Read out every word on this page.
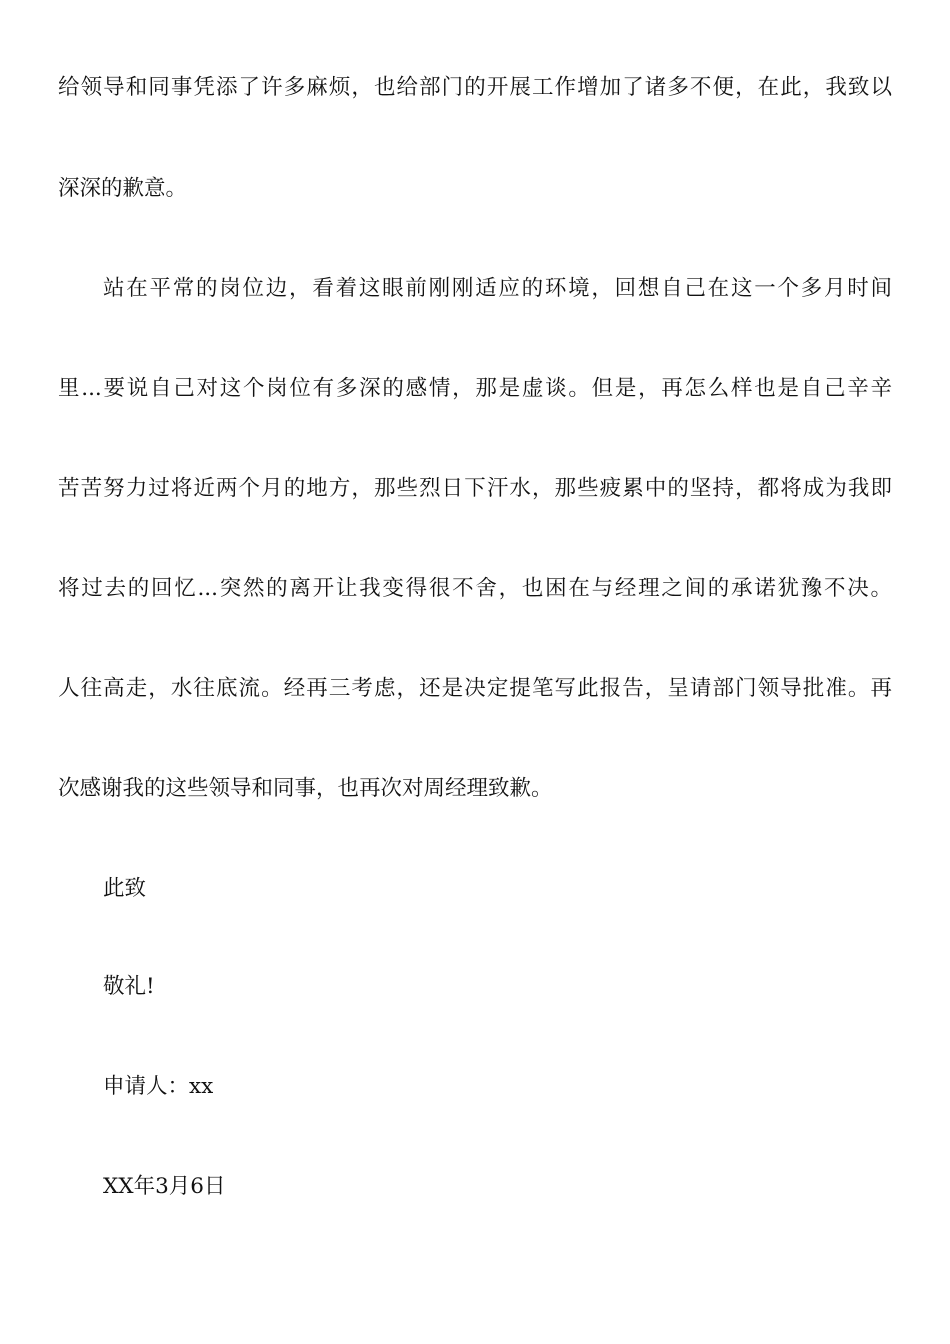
给领导和同事凭添了许多麻烦，也给部门的开展工作增加了诸多不便，在此，我致以
深深的歉意。
站在平常的岗位边，看着这眼前刚刚适应的环境，回想自己在这一个多月时间
里...要说自己对这个岗位有多深的感情，那是虚谈。但是，再怎么样也是自己辛辛
苦苦努力过将近两个月的地方，那些烈日下汗水，那些疲累中的坚持，都将成为我即
将过去的回忆...突然的离开让我变得很不舍，也困在与经理之间的承诺犹豫不决。
人往高走，水往底流。经再三考虑，还是决定提笔写此报告，呈请部门领导批准。再
次感谢我的这些领导和同事，也再次对周经理致歉。
此致
敬礼!
申请人：xx
XX年3月6日
